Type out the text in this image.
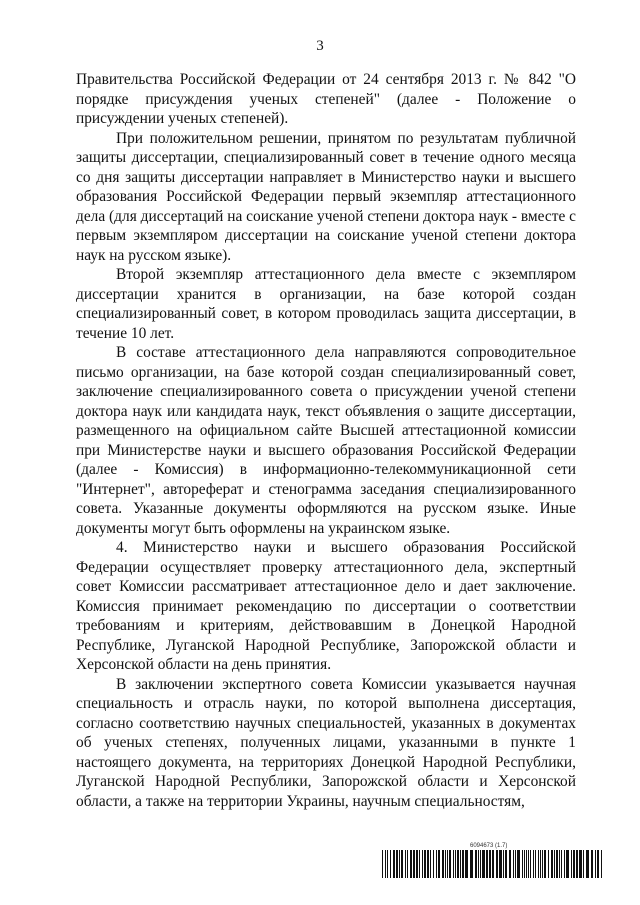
3

Правительства Российской Федерации от 24 сентября 2013 г. № 842 "О порядке присуждения ученых степеней" (далее - Положение о присуждении ученых степеней).

При положительном решении, принятом по результатам публичной защиты диссертации, специализированный совет в течение одного месяца со дня защиты диссертации направляет в Министерство науки и высшего образования Российской Федерации первый экземпляр аттестационного дела (для диссертаций на соискание ученой степени доктора наук - вместе с первым экземпляром диссертации на соискание ученой степени доктора наук на русском языке).

Второй экземпляр аттестационного дела вместе с экземпляром диссертации хранится в организации, на базе которой создан специализированный совет, в котором проводилась защита диссертации, в течение 10 лет.

В составе аттестационного дела направляются сопроводительное письмо организации, на базе которой создан специализированный совет, заключение специализированного совета о присуждении ученой степени доктора наук или кандидата наук, текст объявления о защите диссертации, размещенного на официальном сайте Высшей аттестационной комиссии при Министерстве науки и высшего образования Российской Федерации (далее - Комиссия) в информационно-телекоммуникационной сети "Интернет", автореферат и стенограмма заседания специализированного совета. Указанные документы оформляются на русском языке. Иные документы могут быть оформлены на украинском языке.

4. Министерство науки и высшего образования Российской Федерации осуществляет проверку аттестационного дела, экспертный совет Комиссии рассматривает аттестационное дело и дает заключение. Комиссия принимает рекомендацию по диссертации о соответствии требованиям и критериям, действовавшим в Донецкой Народной Республике, Луганской Народной Республике, Запорожской области и Херсонской области на день принятия.

В заключении экспертного совета Комиссии указывается научная специальность и отрасль науки, по которой выполнена диссертация, согласно соответствию научных специальностей, указанных в документах об ученых степенях, полученных лицами, указанными в пункте 1 настоящего документа, на территориях Донецкой Народной Республики, Луганской Народной Республики, Запорожской области и Херсонской области, а также на территории Украины, научным специальностям,

6094673 (1.7)
